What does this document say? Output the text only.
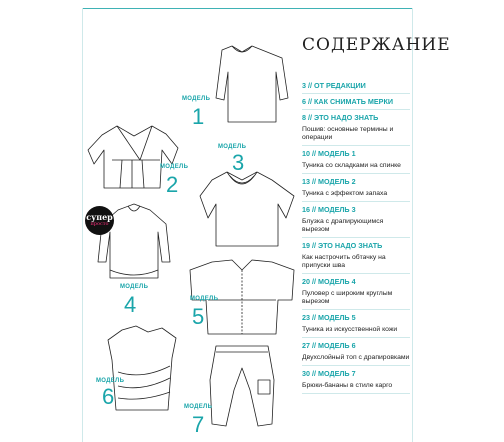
МОДЕЛЬ
1
МОДЕЛЬ
2
МОДЕЛЬ
3
МОДЕЛЬ
4	МОДЕЛЬ
5
МОДЕЛЬ
6	МОДЕЛЬ
7
супер
просто
СОДЕРЖАНИЕ
3 // ОТ РЕДАКЦИИ
6 // КАК СНИМАТЬ МЕРКИ
8 // ЭТО НАДО ЗНАТЬ
Пошив: основные термины и операции
10 // МОДЕЛЬ 1
Туника со складками на спинке
13 // МОДЕЛЬ 2
Туника с эффектом запаха
16 // МОДЕЛЬ 3
Блузка с драпирующимся вырезом
19 // ЭТО НАДО ЗНАТЬ
Как настрочить обтачку на припуски шва
20 // МОДЕЛЬ 4
Пуловер с широким круглым вырезом
23 // МОДЕЛЬ 5
Туника из искусственной кожи
27 // МОДЕЛЬ 6
Двухслойный топ с драпировками
30 // МОДЕЛЬ 7
Брюки-бананы в стиле карго
